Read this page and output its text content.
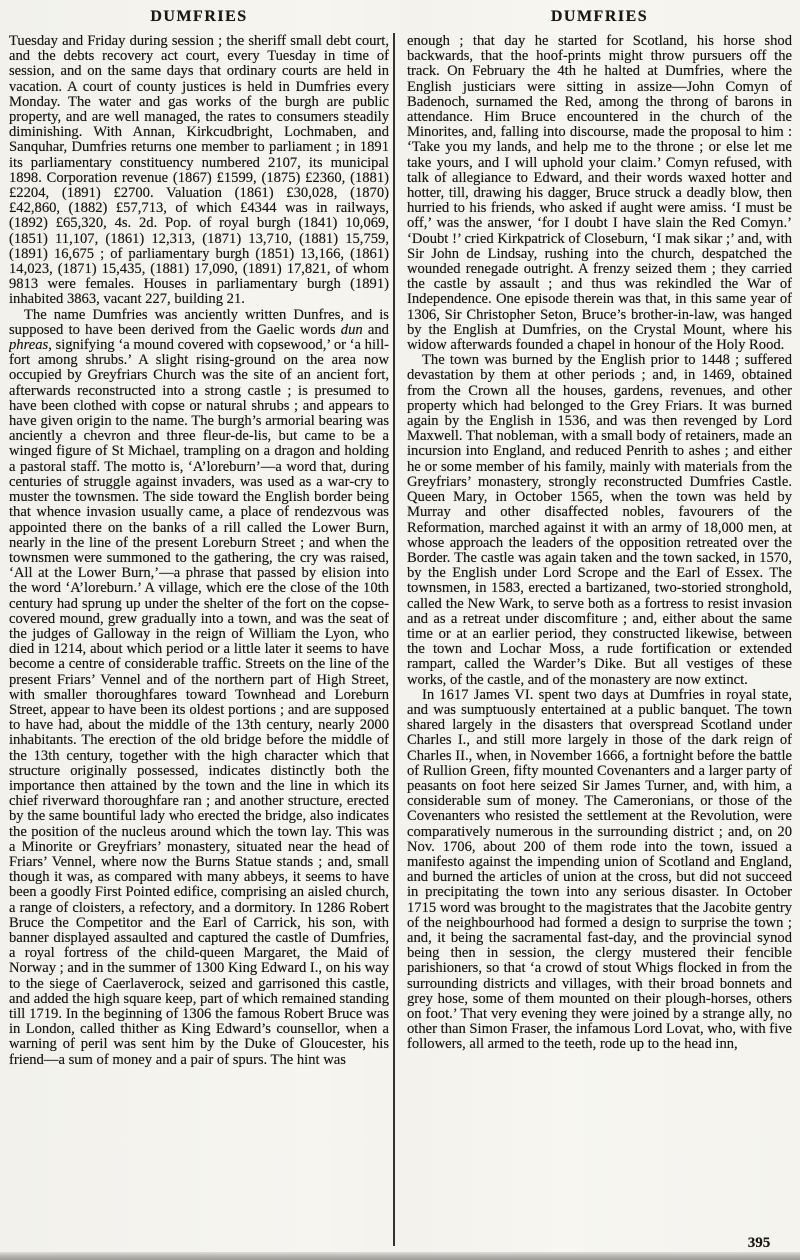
DUMFRIES

Tuesday and Friday during session ; the sheriff small debt court, and the debts recovery act court, every Tuesday in time of session, and on the same days that ordinary courts are held in vacation. A court of county justices is held in Dumfries every Monday. The water and gas works of the burgh are public property, and are well managed, the rates to consumers steadily diminishing. With Annan, Kirkcudbright, Lochmaben, and Sanquhar, Dumfries returns one member to parliament ; in 1891 its parliamentary constituency numbered 2107, its municipal 1898. Corporation revenue (1867) £1599, (1875) £2360, (1881) £2204, (1891) £2700. Valuation (1861) £30,028, (1870) £42,860, (1882) £57,713, of which £4344 was in railways, (1892) £65,320, 4s. 2d. Pop. of royal burgh (1841) 10,069, (1851) 11,107, (1861) 12,313, (1871) 13,710, (1881) 15,759, (1891) 16,675 ; of parliamentary burgh (1851) 13,166, (1861) 14,023, (1871) 15,435, (1881) 17,090, (1891) 17,821, of whom 9813 were females. Houses in parliamentary burgh (1891) inhabited 3863, vacant 227, building 21.

The name Dumfries was anciently written Dunfres, and is supposed to have been derived from the Gaelic words dun and phreas, signifying ‘a mound covered with copsewood,’ or ‘a hill-fort among shrubs.’ A slight rising-ground on the area now occupied by Greyfriars Church was the site of an ancient fort, afterwards reconstructed into a strong castle ; is presumed to have been clothed with copse or natural shrubs ; and appears to have given origin to the name. The burgh’s armorial bearing was anciently a chevron and three fleur-de-lis, but came to be a winged figure of St Michael, trampling on a dragon and holding a pastoral staff. The motto is, ‘A’loreburn’—a word that, during centuries of struggle against invaders, was used as a war-cry to muster the townsmen. The side toward the English border being that whence invasion usually came, a place of rendezvous was appointed there on the banks of a rill called the Lower Burn, nearly in the line of the present Loreburn Street ; and when the townsmen were summoned to the gathering, the cry was raised, ‘All at the Lower Burn,’—a phrase that passed by elision into the word ‘A’loreburn.’ A village, which ere the close of the 10th century had sprung up under the shelter of the fort on the copse-covered mound, grew gradually into a town, and was the seat of the judges of Galloway in the reign of William the Lyon, who died in 1214, about which period or a little later it seems to have become a centre of considerable traffic. Streets on the line of the present Friars’ Vennel and of the northern part of High Street, with smaller thoroughfares toward Townhead and Loreburn Street, appear to have been its oldest portions ; and are supposed to have had, about the middle of the 13th century, nearly 2000 inhabitants. The erection of the old bridge before the middle of the 13th century, together with the high character which that structure originally possessed, indicates distinctly both the importance then attained by the town and the line in which its chief riverward thoroughfare ran ; and another structure, erected by the same bountiful lady who erected the bridge, also indicates the position of the nucleus around which the town lay. This was a Minorite or Greyfriars’ monastery, situated near the head of Friars’ Vennel, where now the Burns Statue stands ; and, small though it was, as compared with many abbeys, it seems to have been a goodly First Pointed edifice, comprising an aisled church, a range of cloisters, a refectory, and a dormitory. In 1286 Robert Bruce the Competitor and the Earl of Carrick, his son, with banner displayed assaulted and captured the castle of Dumfries, a royal fortress of the child-queen Margaret, the Maid of Norway ; and in the summer of 1300 King Edward I., on his way to the siege of Caerlaverock, seized and garrisoned this castle, and added the high square keep, part of which remained standing till 1719. In the beginning of 1306 the famous Robert Bruce was in London, called thither as King Edward’s counsellor, when a warning of peril was sent him by the Duke of Gloucester, his friend—a sum of money and a pair of spurs. The hint was

DUMFRIES

enough ; that day he started for Scotland, his horse shod backwards, that the hoof-prints might throw pursuers off the track. On February the 4th he halted at Dumfries, where the English justiciars were sitting in assize—John Comyn of Badenoch, surnamed the Red, among the throng of barons in attendance. Him Bruce encountered in the church of the Minorites, and, falling into discourse, made the proposal to him : ‘Take you my lands, and help me to the throne ; or else let me take yours, and I will uphold your claim.’ Comyn refused, with talk of allegiance to Edward, and their words waxed hotter and hotter, till, drawing his dagger, Bruce struck a deadly blow, then hurried to his friends, who asked if aught were amiss. ‘I must be off,’ was the answer, ‘for I doubt I have slain the Red Comyn.’ ‘Doubt !’ cried Kirkpatrick of Closeburn, ‘I mak sikar ;’ and, with Sir John de Lindsay, rushing into the church, despatched the wounded renegade outright. A frenzy seized them ; they carried the castle by assault ; and thus was rekindled the War of Independence. One episode therein was that, in this same year of 1306, Sir Christopher Seton, Bruce’s brother-in-law, was hanged by the English at Dumfries, on the Crystal Mount, where his widow afterwards founded a chapel in honour of the Holy Rood.

The town was burned by the English prior to 1448 ; suffered devastation by them at other periods ; and, in 1469, obtained from the Crown all the houses, gardens, revenues, and other property which had belonged to the Grey Friars. It was burned again by the English in 1536, and was then revenged by Lord Maxwell. That nobleman, with a small body of retainers, made an incursion into England, and reduced Penrith to ashes ; and either he or some member of his family, mainly with materials from the Greyfriars’ monastery, strongly reconstructed Dumfries Castle. Queen Mary, in October 1565, when the town was held by Murray and other disaffected nobles, favourers of the Reformation, marched against it with an army of 18,000 men, at whose approach the leaders of the opposition retreated over the Border. The castle was again taken and the town sacked, in 1570, by the English under Lord Scrope and the Earl of Essex. The townsmen, in 1583, erected a bartizaned, two-storied stronghold, called the New Wark, to serve both as a fortress to resist invasion and as a retreat under discomfiture ; and, either about the same time or at an earlier period, they constructed likewise, between the town and Lochar Moss, a rude fortification or extended rampart, called the Warder’s Dike. But all vestiges of these works, of the castle, and of the monastery are now extinct.

In 1617 James VI. spent two days at Dumfries in royal state, and was sumptuously entertained at a public banquet. The town shared largely in the disasters that overspread Scotland under Charles I., and still more largely in those of the dark reign of Charles II., when, in November 1666, a fortnight before the battle of Rullion Green, fifty mounted Covenanters and a larger party of peasants on foot here seized Sir James Turner, and, with him, a considerable sum of money. The Cameronians, or those of the Covenanters who resisted the settlement at the Revolution, were comparatively numerous in the surrounding district ; and, on 20 Nov. 1706, about 200 of them rode into the town, issued a manifesto against the impending union of Scotland and England, and burned the articles of union at the cross, but did not succeed in precipitating the town into any serious disaster. In October 1715 word was brought to the magistrates that the Jacobite gentry of the neighbourhood had formed a design to surprise the town ; and, it being the sacramental fast-day, and the provincial synod being then in session, the clergy mustered their fencible parishioners, so that ‘a crowd of stout Whigs flocked in from the surrounding districts and villages, with their broad bonnets and grey hose, some of them mounted on their plough-horses, others on foot.’ That very evening they were joined by a strange ally, no other than Simon Fraser, the infamous Lord Lovat, who, with five followers, all armed to the teeth, rode up to the head inn,

395
